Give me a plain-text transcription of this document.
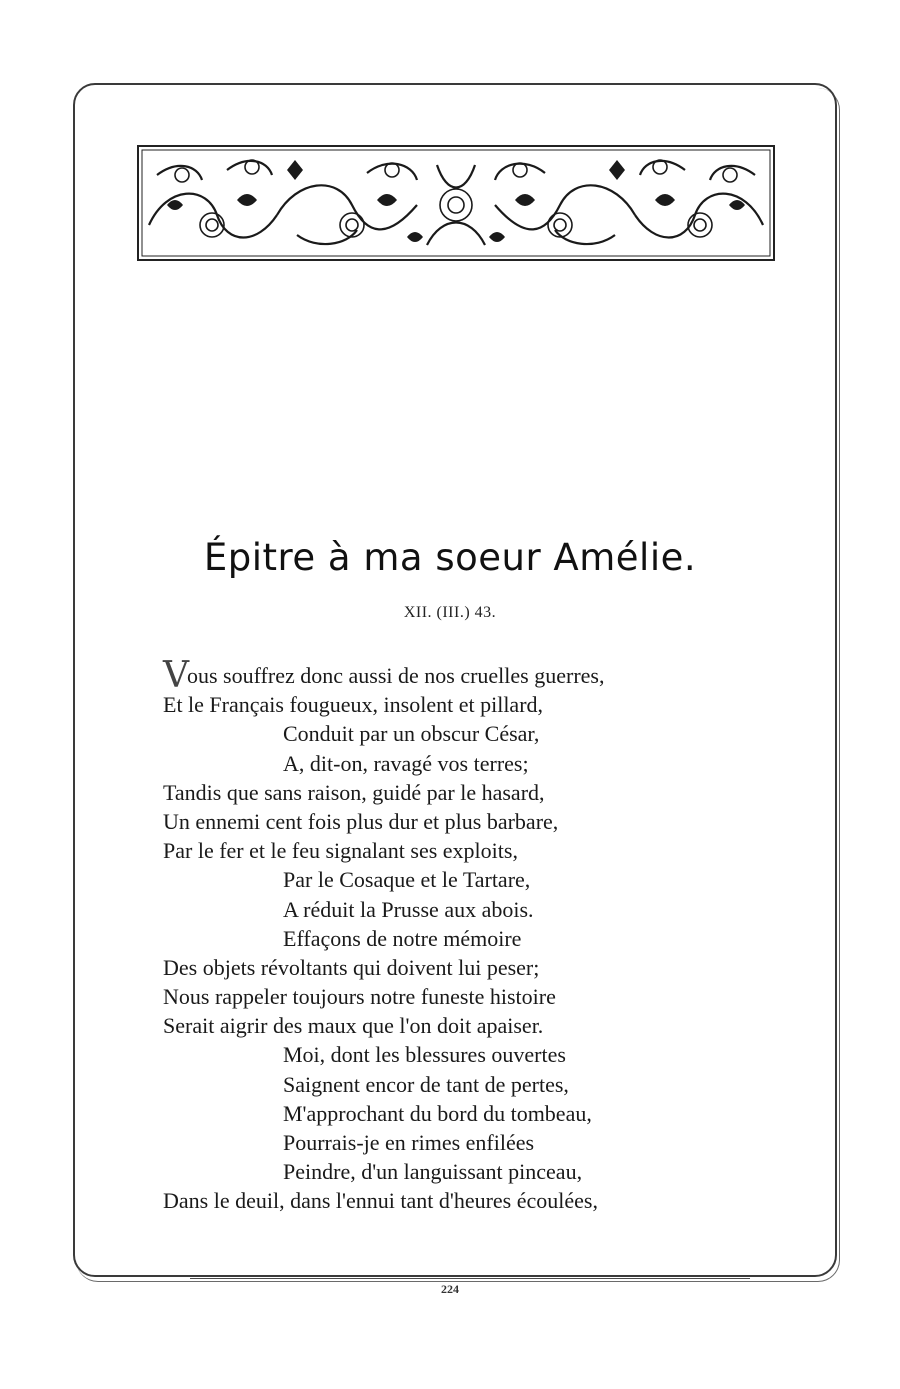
Épitre à ma soeur Amélie.
XII. (III.) 43.
Vous souffrez donc aussi de nos cruelles guerres,
Et le Français fougueux, insolent et pillard,
Conduit par un obscur César,
A, dit-on, ravagé vos terres;
Tandis que sans raison, guidé par le hasard,
Un ennemi cent fois plus dur et plus barbare,
Par le fer et le feu signalant ses exploits,
Par le Cosaque et le Tartare,
A réduit la Prusse aux abois.
Effaçons de notre mémoire
Des objets révoltants qui doivent lui peser;
Nous rappeler toujours notre funeste histoire
Serait aigrir des maux que l'on doit apaiser.
Moi, dont les blessures ouvertes
Saignent encor de tant de pertes,
M'approchant du bord du tombeau,
Pourrais-je en rimes enfilées
Peindre, d'un languissant pinceau,
Dans le deuil, dans l'ennui tant d'heures écoulées,
224
